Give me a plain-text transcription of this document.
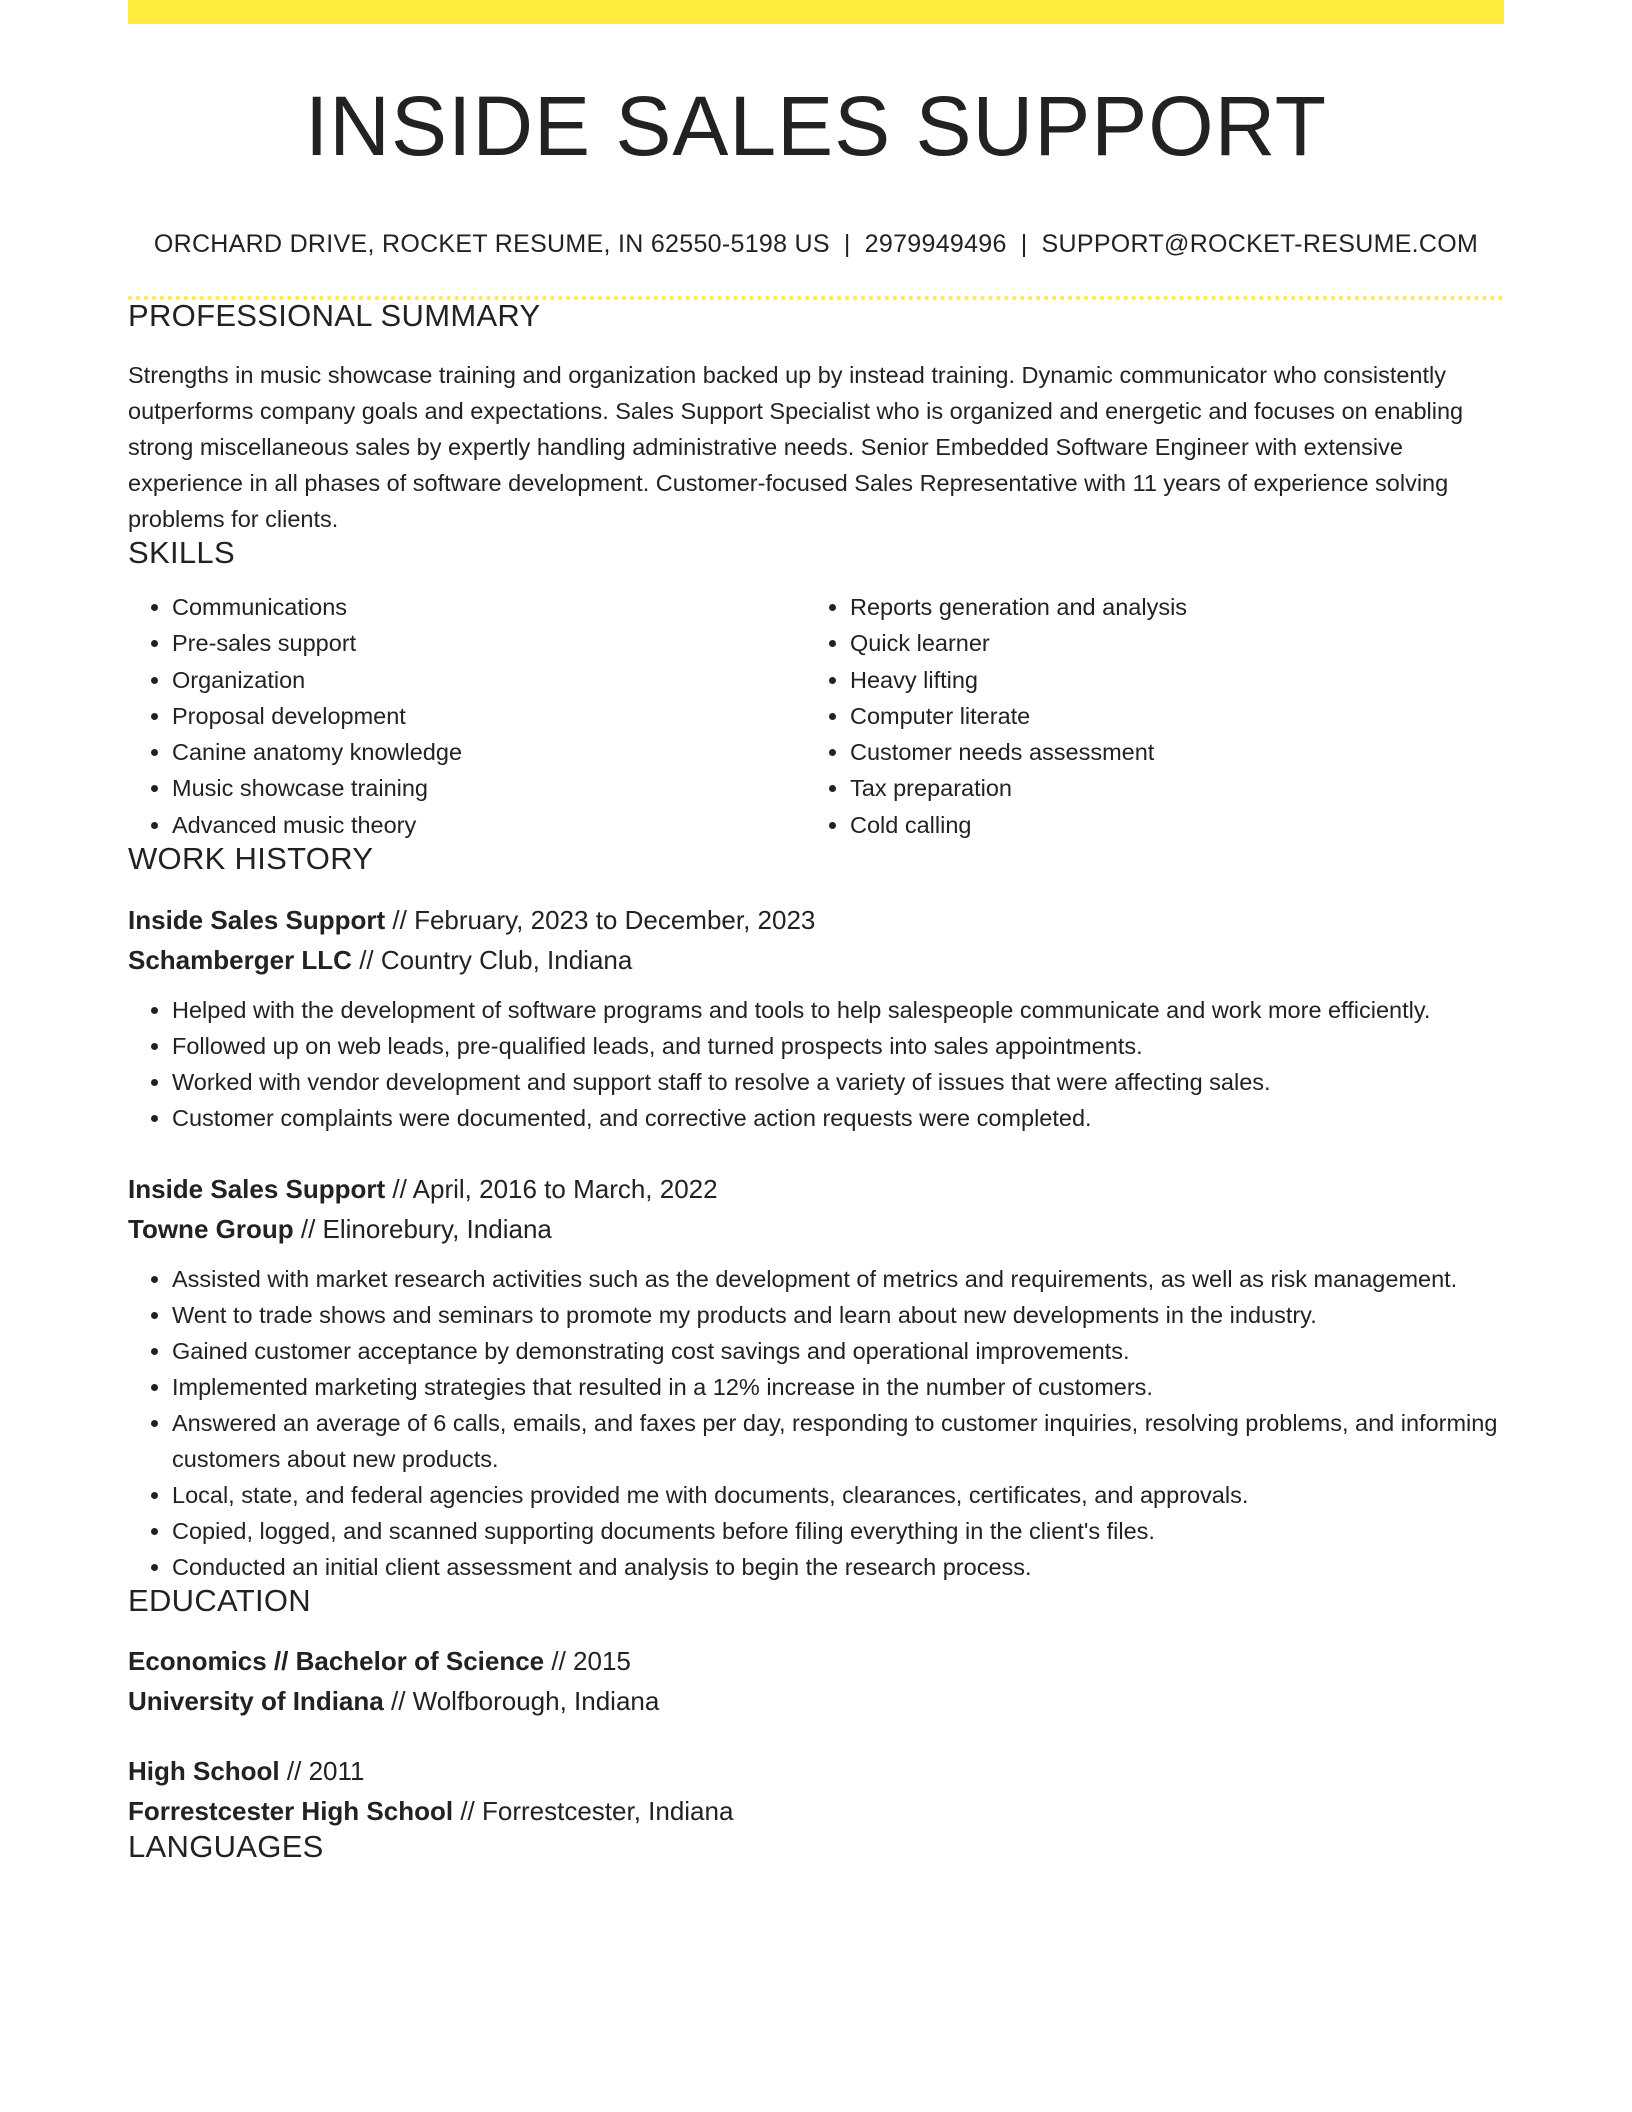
INSIDE SALES SUPPORT
ORCHARD DRIVE, ROCKET RESUME, IN 62550-5198 US | 2979949496 | SUPPORT@ROCKET-RESUME.COM
PROFESSIONAL SUMMARY
Strengths in music showcase training and organization backed up by instead training. Dynamic communicator who consistently outperforms company goals and expectations. Sales Support Specialist who is organized and energetic and focuses on enabling strong miscellaneous sales by expertly handling administrative needs. Senior Embedded Software Engineer with extensive experience in all phases of software development. Customer-focused Sales Representative with 11 years of experience solving problems for clients.
SKILLS
• Communications
• Pre-sales support
• Organization
• Proposal development
• Canine anatomy knowledge
• Music showcase training
• Advanced music theory
• Reports generation and analysis
• Quick learner
• Heavy lifting
• Computer literate
• Customer needs assessment
• Tax preparation
• Cold calling
WORK HISTORY
Inside Sales Support // February, 2023 to December, 2023
Schamberger LLC // Country Club, Indiana
• Helped with the development of software programs and tools to help salespeople communicate and work more efficiently.
• Followed up on web leads, pre-qualified leads, and turned prospects into sales appointments.
• Worked with vendor development and support staff to resolve a variety of issues that were affecting sales.
• Customer complaints were documented, and corrective action requests were completed.
Inside Sales Support // April, 2016 to March, 2022
Towne Group // Elinorebury, Indiana
• Assisted with market research activities such as the development of metrics and requirements, as well as risk management.
• Went to trade shows and seminars to promote my products and learn about new developments in the industry.
• Gained customer acceptance by demonstrating cost savings and operational improvements.
• Implemented marketing strategies that resulted in a 12% increase in the number of customers.
• Answered an average of 6 calls, emails, and faxes per day, responding to customer inquiries, resolving problems, and informing customers about new products.
• Local, state, and federal agencies provided me with documents, clearances, certificates, and approvals.
• Copied, logged, and scanned supporting documents before filing everything in the client's files.
• Conducted an initial client assessment and analysis to begin the research process.
EDUCATION
Economics // Bachelor of Science // 2015
University of Indiana // Wolfborough, Indiana
High School // 2011
Forrestcester High School // Forrestcester, Indiana
LANGUAGES
